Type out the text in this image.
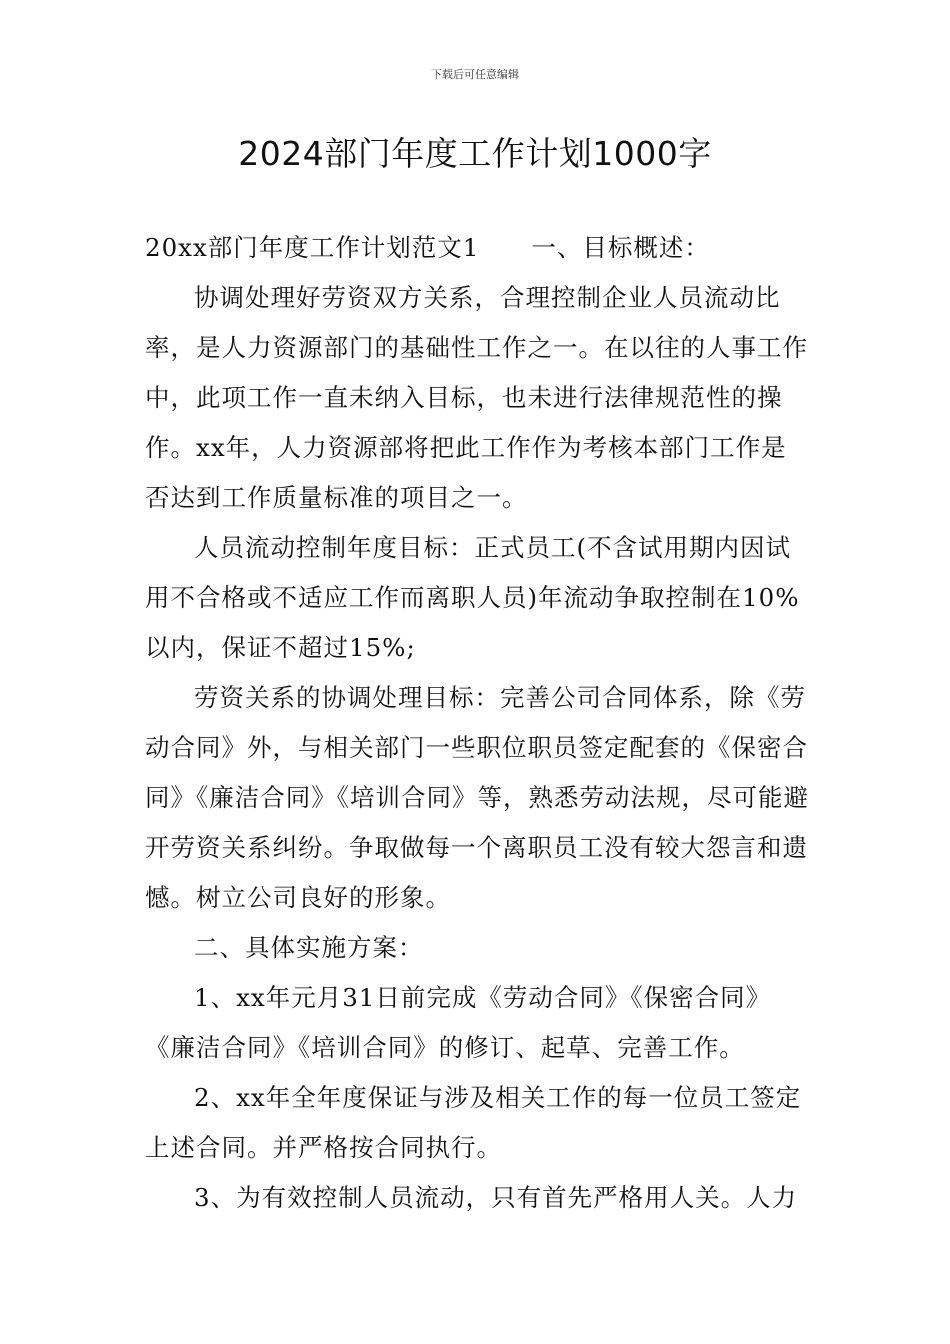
下载后可任意编辑
2024部门年度工作计划1000字

20xx部门年度工作计划范文1 一、目标概述：

协调处理好劳资双方关系，合理控制企业人员流动比率，是人力资源部门的基础性工作之一。在以往的人事工作中，此项工作一直未纳入目标，也未进行法律规范性的操作。xx年，人力资源部将把此工作作为考核本部门工作是否达到工作质量标准的项目之一。

人员流动控制年度目标：正式员工(不含试用期内因试用不合格或不适应工作而离职人员)年流动争取控制在10%以内，保证不超过15%;

劳资关系的协调处理目标：完善公司合同体系，除《劳动合同》外，与相关部门一些职位职员签定配套的《保密合同》《廉洁合同》《培训合同》等，熟悉劳动法规，尽可能避开劳资关系纠纷。争取做每一个离职员工没有较大怨言和遗憾。树立公司良好的形象。

二、具体实施方案：

1、xx年元月31日前完成《劳动合同》《保密合同》《廉洁合同》《培训合同》的修订、起草、完善工作。

2、xx年全年度保证与涉及相关工作的每一位员工签定上述合同。并严格按合同执行。

3、为有效控制人员流动，只有首先严格用人关。人力
